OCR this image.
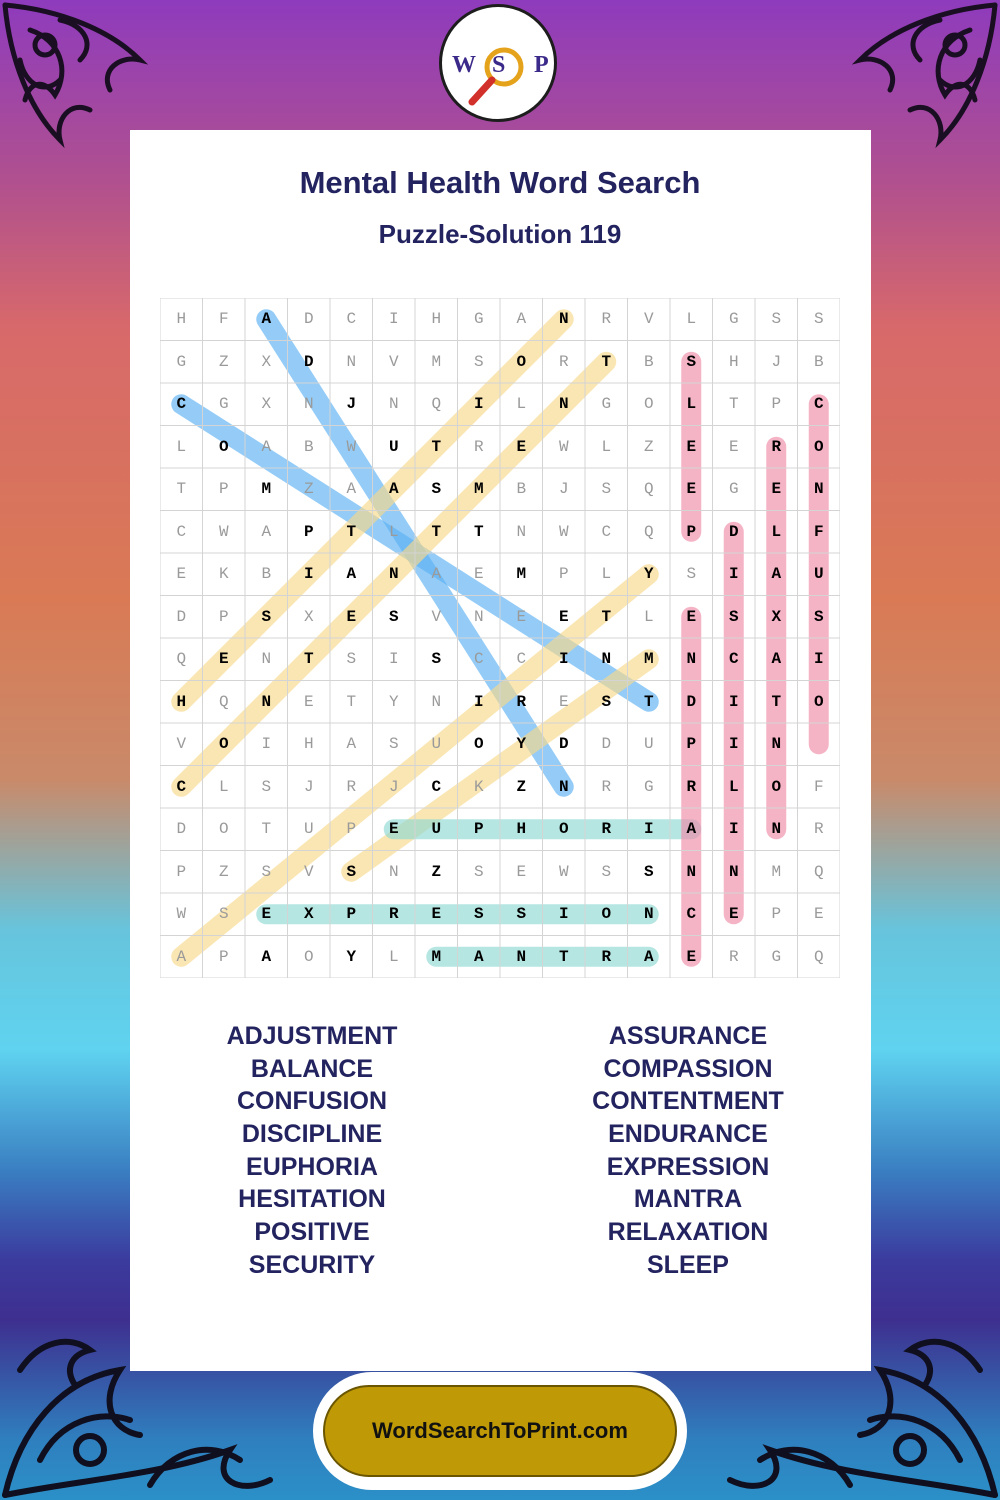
W S P
Mental Health Word Search
Puzzle-Solution 119
H	F	A	D	C	I	H	G	A	N	R	V	L	G	S	S
G	Z	X	D	N	V	M	S	O	R	T	B	S	H	J	B
C	G	X	N	J	N	Q	I	L	N	G	O	L	T	P	C
L	O	A	B	W	U	T	R	E	W	L	Z	E	E	R	O
T	P	M	Z	A	A	S	M	B	J	S	Q	E	G	E	N
C	W	A	P	T	L	T	T	N	W	C	Q	P	D	L	F
E	K	B	I	A	N	A	E	M	P	L	Y	S	I	A	U
D	P	S	X	E	S	V	N	E	E	T	L	E	S	X	S
Q	E	N	T	S	I	S	C	C	I	N	M	N	C	A	I
H	Q	N	E	T	Y	N	I	R	E	S	T	D	I	T	O
V	O	I	H	A	S	U	O	Y	D	D	U	P	I	N
C	L	S	J	R	J	C	K	Z	N	R	G	R	L	O	F
D	O	T	U	P	E	U	P	H	O	R	I	A	I	N	R
P	Z	S	V	S	N	Z	S	E	W	S	S	N	N	M	Q
W	S	E	X	P	R	E	S	S	I	O	N	C	E	P	E
A	P	A	O	Y	L	M	A	N	T	R	A	E	R	G	Q
ADJUSTMENT
BALANCE
CONFUSION
DISCIPLINE
EUPHORIA
HESITATION
POSITIVE
SECURITY
ASSURANCE
COMPASSION
CONTENTMENT
ENDURANCE
EXPRESSION
MANTRA
RELAXATION
SLEEP
WordSearchToPrint.com
